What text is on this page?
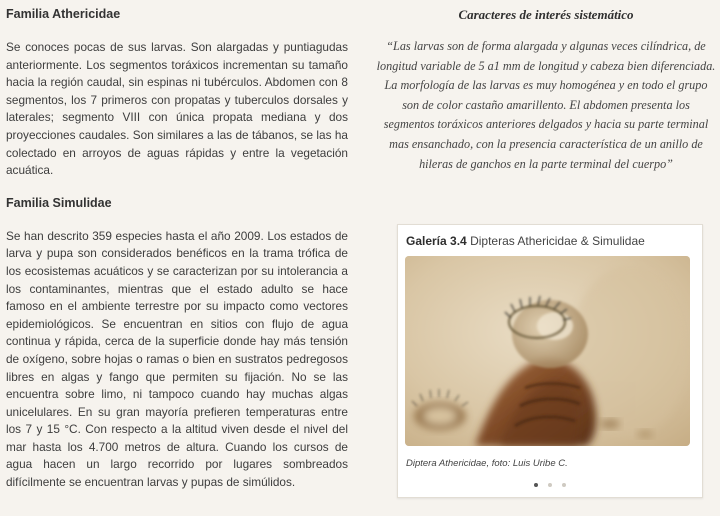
Familia Athericidae

Se conoces pocas de sus larvas. Son alargadas y puntiagudas anteriormente. Los segmentos toráxicos incrementan su tamaño hacia la región caudal, sin espinas ni tubérculos. Abdomen con 8 segmentos, los 7 primeros con propatas y tuberculos dorsales y laterales; segmento VIII con única propata mediana y dos proyecciones caudales. Son similares a las de tábanos, se las ha colectado en arroyos de aguas rápidas y entre la vegetación acuática.

Familia Simulidae

Se han descrito 359 especies hasta el año 2009. Los estados de larva y pupa son considerados benéficos en la trama trófica de los ecosistemas acuáticos y se caracterizan por su intolerancia a los contaminantes, mientras que el estado adulto se hace famoso en el ambiente terrestre por su impacto como vectores epidemiológicos. Se encuentran en sitios con flujo de agua continua y rápida, cerca de la superficie donde hay más tensión de oxígeno, sobre hojas o ramas o bien en sustratos pedregosos libres en algas y fango que permiten su fijación. No se las encuentra sobre limo, ni tampoco cuando hay muchas algas unicelulares. En su gran mayoría prefieren temperaturas entre los 7 y 15 °C. Con respecto a la altitud viven desde el nivel del mar hasta los 4.700 metros de altura. Cuando los cursos de agua hacen un largo recorrido por lugares sombreados difícilmente se encuentran larvas y pupas de simúlidos.

Caracteres de interés sistemático

“Las larvas son de forma alargada y algunas veces cilíndrica, de longitud variable de 5 a1 mm de longitud y cabeza bien diferenciada. La morfología de las larvas es muy homogénea y en todo el grupo son de color castaño amarillento. El abdomen presenta los segmentos toráxicos anteriores delgados y hacia su parte terminal mas ensanchado, con la presencia característica de un anillo de hileras de ganchos en la parte terminal del cuerpo”

Galería 3.4 Dipteras Athericidae & Simulidae
Diptera Athericidae, foto: Luis Uribe C.
